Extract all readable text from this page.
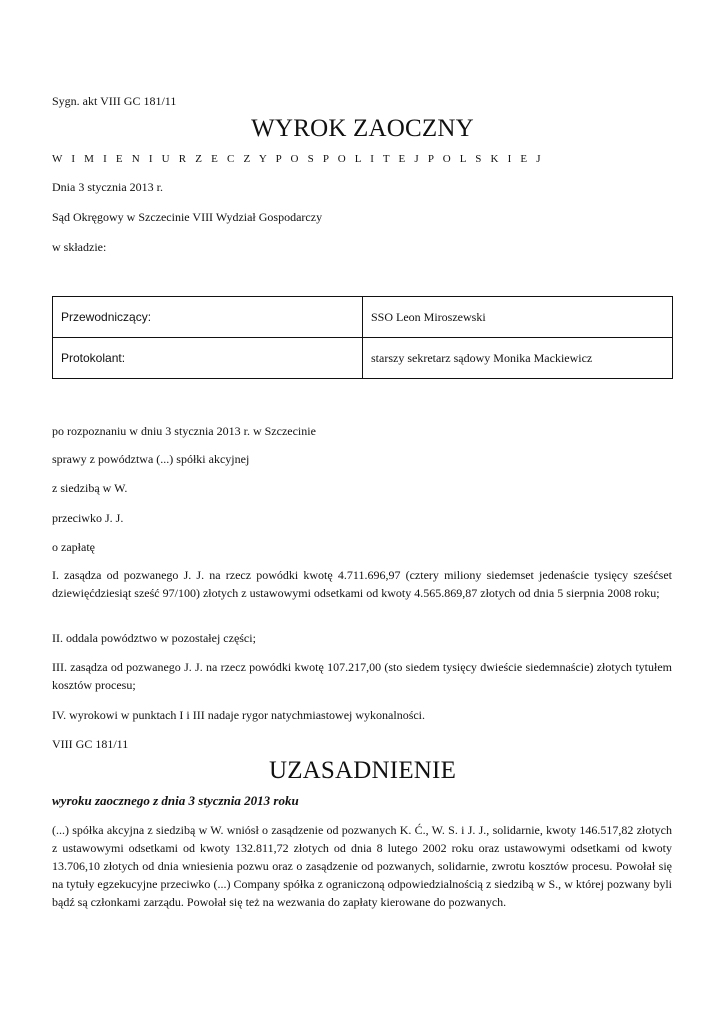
Sygn. akt VIII GC 181/11
WYROK ZAOCZNY
W I M I E N I U R Z E C Z Y P O S P O L I T E J P O L S K I E J
Dnia 3 stycznia 2013 r.
Sąd Okręgowy w Szczecinie VIII Wydział Gospodarczy
w składzie:
Przewodniczący:	SSO Leon Miroszewski
Protokolant:	starszy sekretarz sądowy Monika Mackiewicz
po rozpoznaniu w dniu 3 stycznia 2013 r. w Szczecinie
sprawy z powództwa (...) spółki akcyjnej
z siedzibą w W.
przeciwko J. J.
o zapłatę
I. zasądza od pozwanego J. J. na rzecz powódki kwotę 4.711.696,97 (cztery miliony siedemset jedenaście tysięcy sześćset dziewięćdziesiąt sześć 97/100) złotych z ustawowymi odsetkami od kwoty 4.565.869,87 złotych od dnia 5 sierpnia 2008 roku;
II. oddala powództwo w pozostałej części;
III. zasądza od pozwanego J. J. na rzecz powódki kwotę 107.217,00 (sto siedem tysięcy dwieście siedemnaście) złotych tytułem kosztów procesu;
IV. wyrokowi w punktach I i III nadaje rygor natychmiastowej wykonalności.
VIII GC 181/11
UZASADNIENIE
wyroku zaocznego z dnia 3 stycznia 2013 roku
(...) spółka akcyjna z siedzibą w W. wniósł o zasądzenie od pozwanych K. Ć., W. S. i J. J., solidarnie, kwoty 146.517,82 złotych z ustawowymi odsetkami od kwoty 132.811,72 złotych od dnia 8 lutego 2002 roku oraz ustawowymi odsetkami od kwoty 13.706,10 złotych od dnia wniesienia pozwu oraz o zasądzenie od pozwanych, solidarnie, zwrotu kosztów procesu. Powołał się na tytuły egzekucyjne przeciwko (...) Company spółka z ograniczoną odpowiedzialnością z siedzibą w S., w której pozwany byli bądź są członkami zarządu. Powołał się też na wezwania do zapłaty kierowane do pozwanych.
